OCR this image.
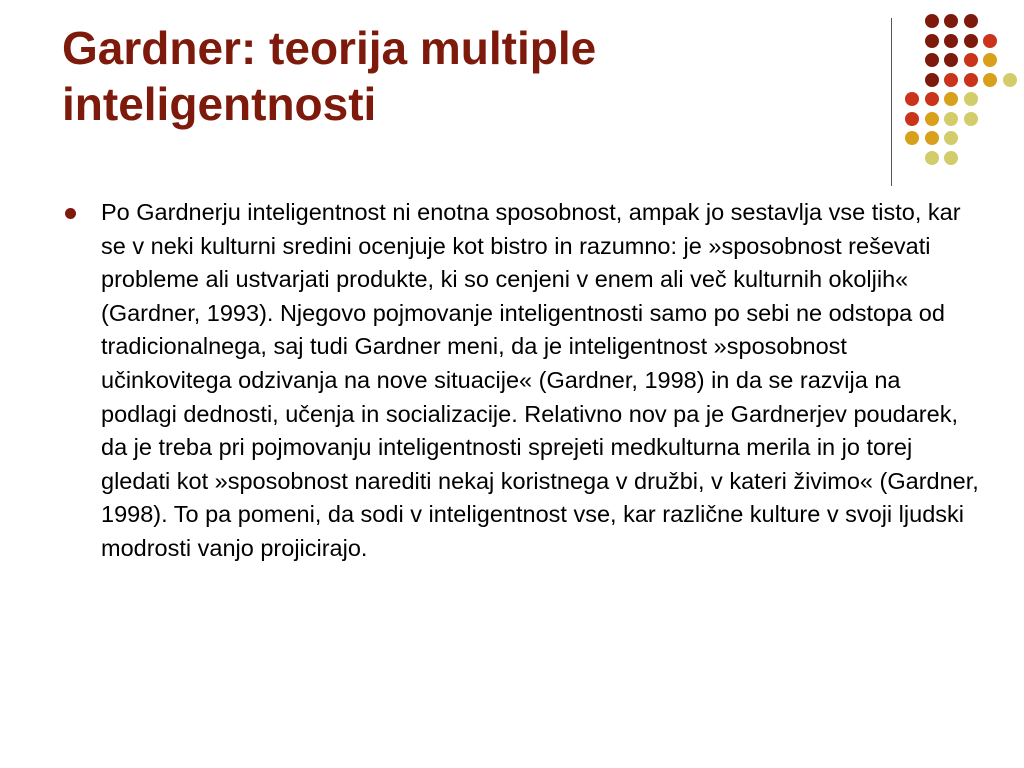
Gardner: teorija multiple inteligentnosti
Po Gardnerju inteligentnost ni enotna sposobnost, ampak jo sestavlja vse tisto, kar se v neki kulturni sredini ocenjuje kot bistro in razumno: je »sposobnost reševati probleme ali ustvarjati produkte, ki so cenjeni v enem ali več kulturnih okoljih« (Gardner, 1993). Njegovo pojmovanje inteligentnosti samo po sebi ne odstopa od tradicionalnega, saj tudi Gardner meni, da je inteligentnost »sposobnost učinkovitega odzivanja na nove situacije« (Gardner, 1998) in da se razvija na podlagi dednosti, učenja in socializacije. Relativno nov pa je Gardnerjev poudarek, da je treba pri pojmovanju inteligentnosti sprejeti medkulturna merila in jo torej gledati kot »sposobnost narediti nekaj koristnega v družbi, v kateri živimo« (Gardner, 1998). To pa pomeni, da sodi v inteligentnost vse, kar različne kulture v svoji ljudski modrosti vanjo projicirajo.
